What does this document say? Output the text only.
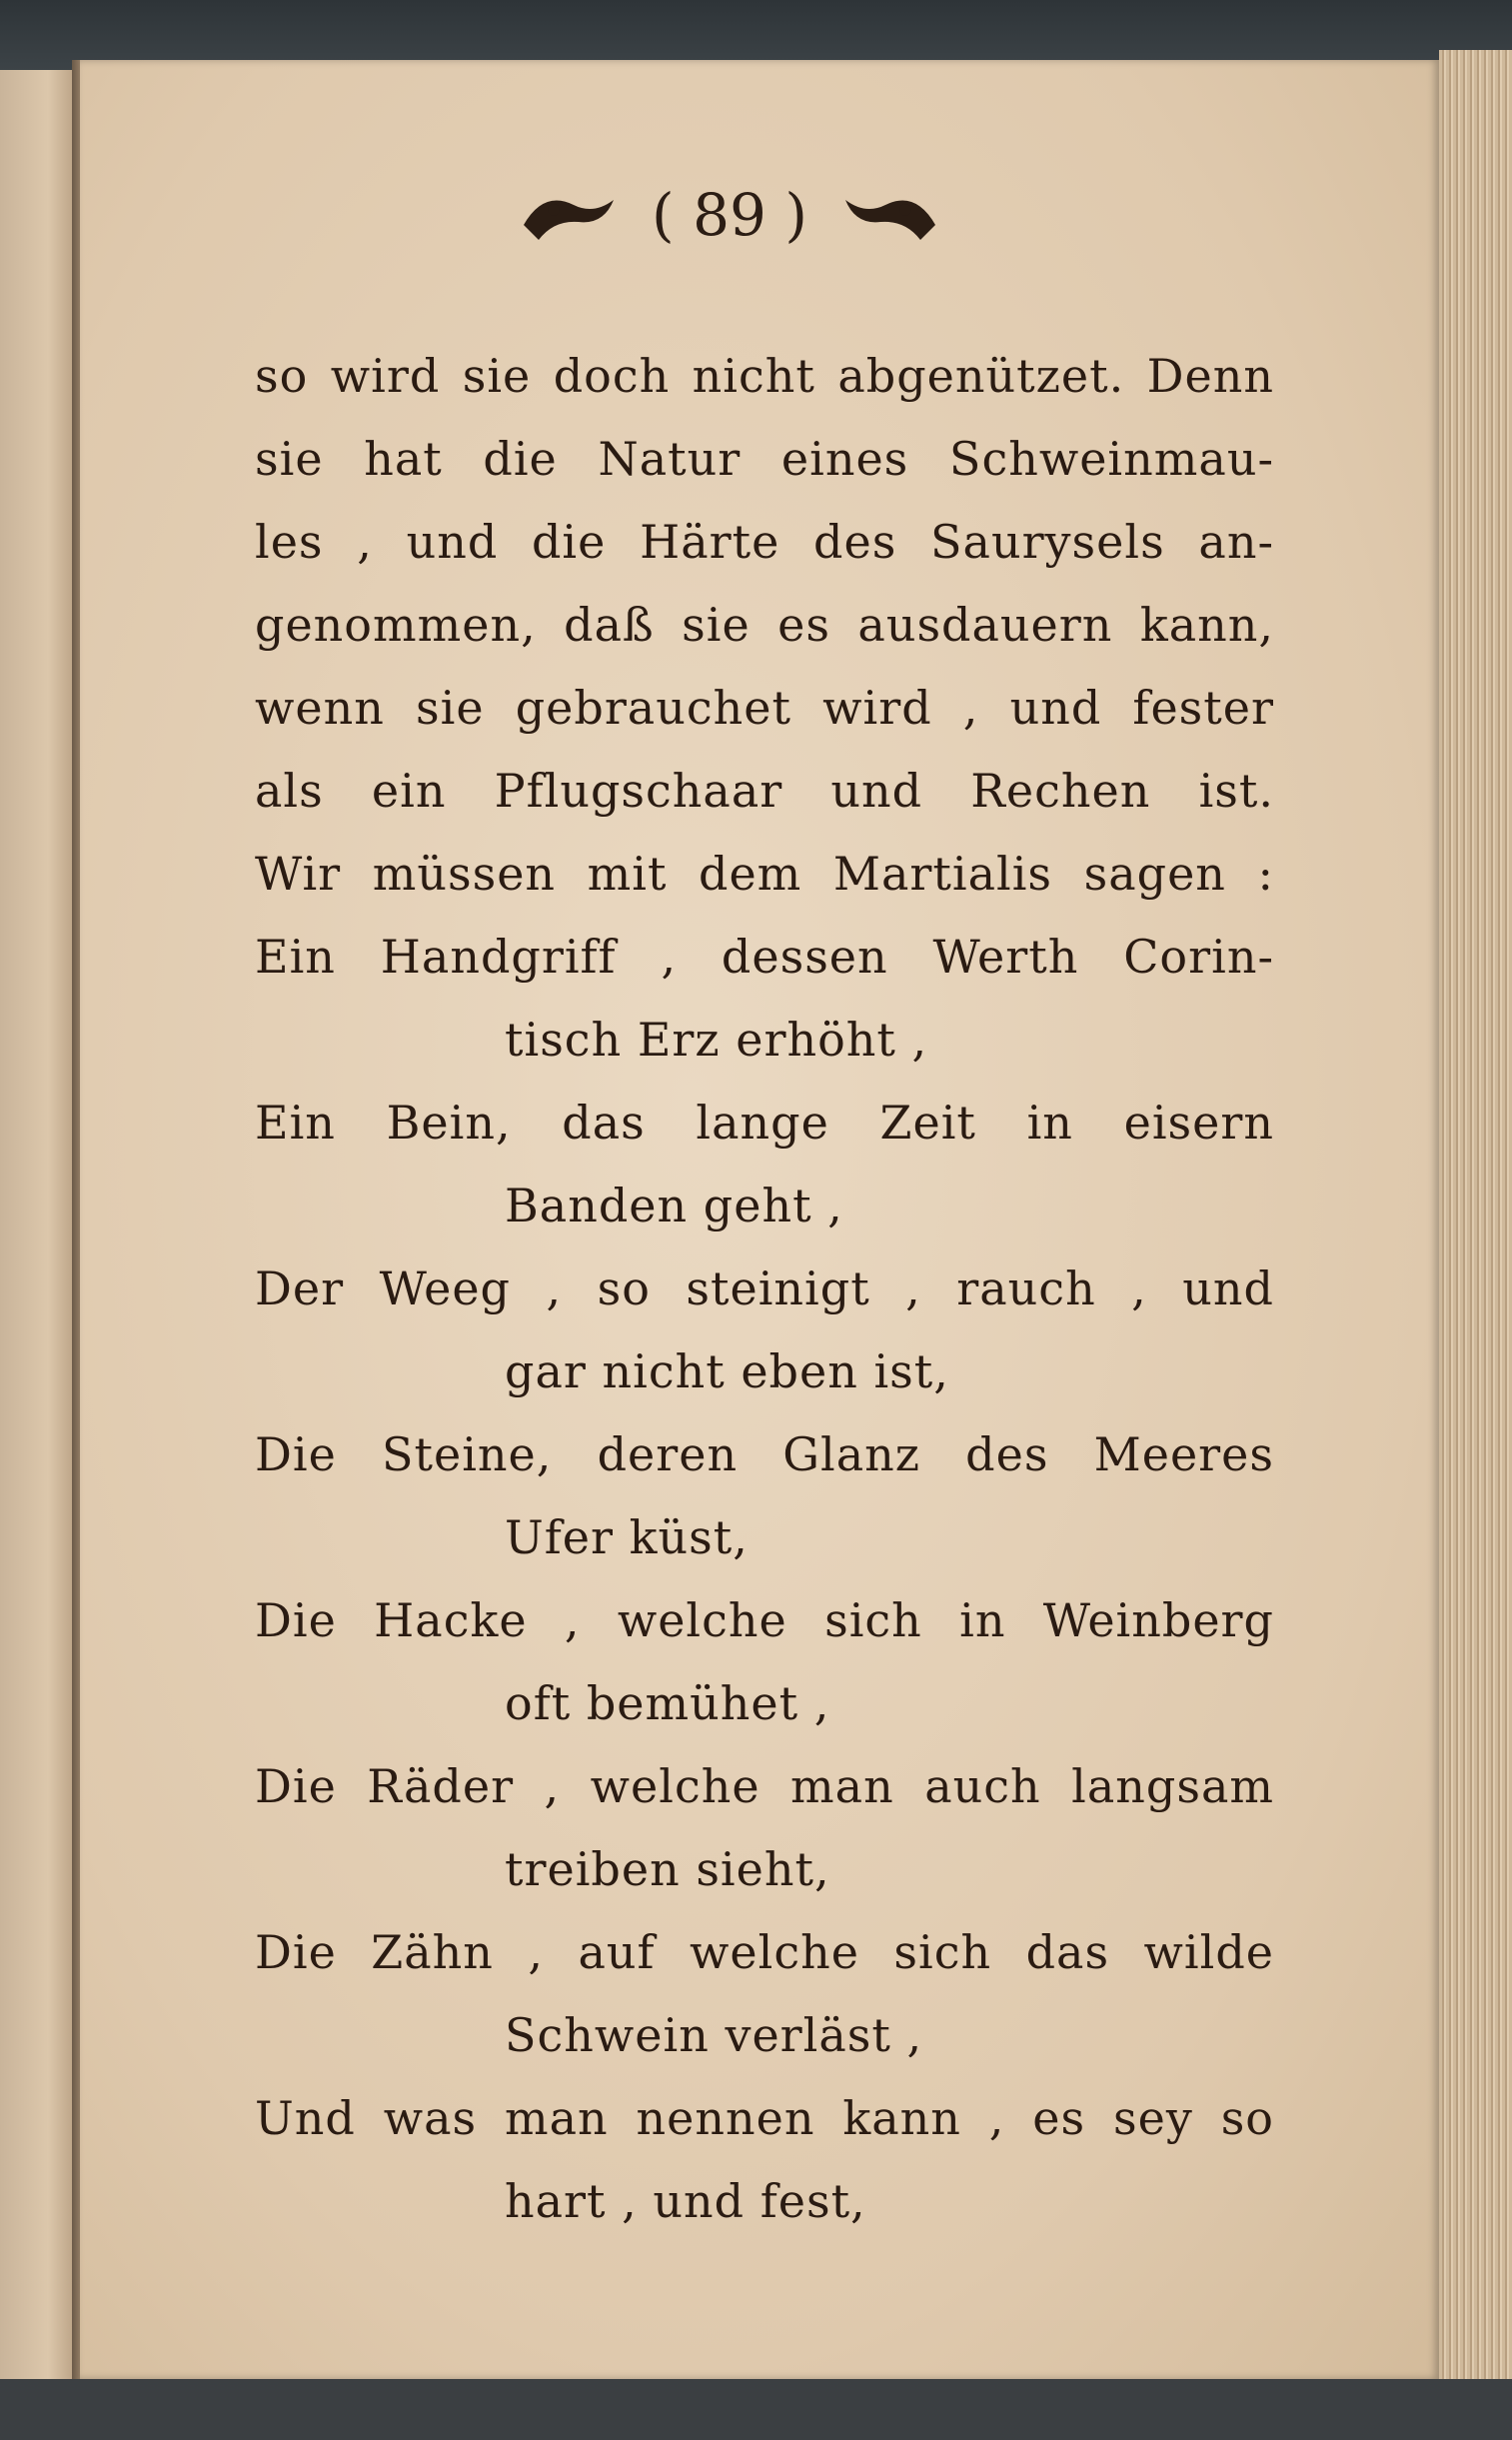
( 89 )
so wird sie doch nicht abgenützet. Denn
sie hat die Natur eines Schweinmau-
les , und die Härte des Saurysels an-
genommen, daß sie es ausdauern kann,
wenn sie gebrauchet wird , und fester
als ein Pflugschaar und Rechen ist.
Wir müssen mit dem Martialis sagen :
Ein Handgriff , dessen Werth Corin-
tisch Erz erhöht ,
Ein Bein, das lange Zeit in eisern
Banden geht ,
Der Weeg , so steinigt , rauch , und
gar nicht eben ist,
Die Steine, deren Glanz des Meeres
Ufer küst,
Die Hacke , welche sich in Weinberg
oft bemühet ,
Die Räder , welche man auch langsam
treiben sieht,
Die Zähn , auf welche sich das wilde
Schwein verläst ,
Und was man nennen kann , es sey so
hart , und fest,
